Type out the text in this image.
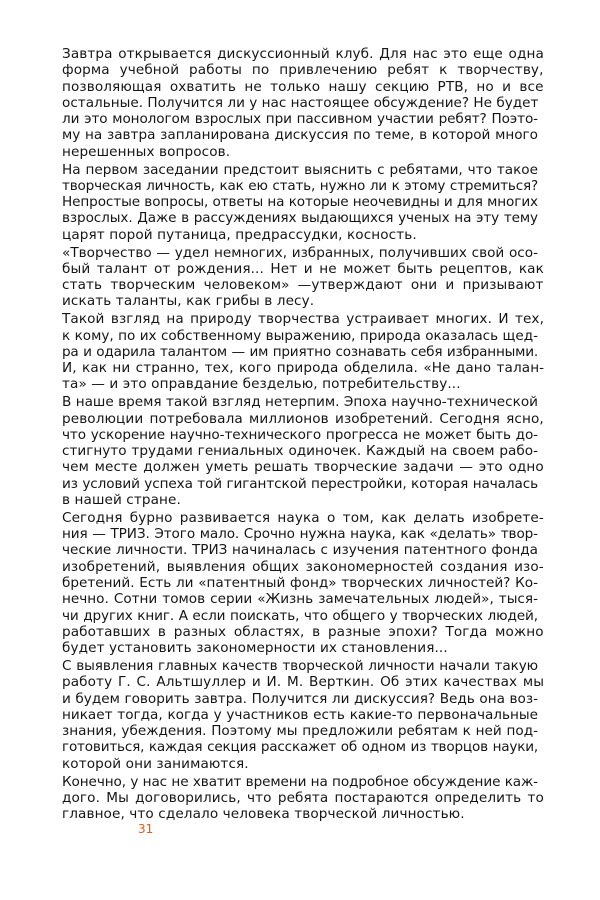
Завтра открывается дискуссионный клуб. Для нас это еще одна
форма учебной работы по привлечению ребят к творчеству,
позволяющая охватить не только нашу секцию РТВ, но и все
остальные. Получится ли у нас настоящее обсуждение? Не будет
ли это монологом взрослых при пассивном участии ребят? Поэто-
му на завтра запланирована дискуссия по теме, в которой много
нерешенных вопросов.
На первом заседании предстоит выяснить с ребятами, что такое
творческая личность, как ею стать, нужно ли к этому стремиться?
Непростые вопросы, ответы на которые неочевидны и для многих
взрослых. Даже в рассуждениях выдающихся ученых на эту тему
царят порой путаница, предрассудки, косность.
«Творчество — удел немногих, избранных, получивших свой осо-
бый талант от рождения... Нет и не может быть рецептов, как
стать творческим человеком» —утверждают они и призывают
искать таланты, как грибы в лесу.
Такой взгляд на природу творчества устраивает многих. И тех,
к кому, по их собственному выражению, природа оказалась щед-
ра и одарила талантом — им приятно сознавать себя избранными.
И, как ни странно, тех, кого природа обделила. «Не дано талан-
та» — и это оправдание безделью, потребительству...
В наше время такой взгляд нетерпим. Эпоха научно-технической
революции потребовала миллионов изобретений. Сегодня ясно,
что ускорение научно-технического прогресса не может быть до-
стигнуто трудами гениальных одиночек. Каждый на своем рабо-
чем месте должен уметь решать творческие задачи — это одно
из условий успеха той гигантской перестройки, которая началась
в нашей стране.
Сегодня бурно развивается наука о том, как делать изобрете-
ния — ТРИЗ. Этого мало. Срочно нужна наука, как «делать» твор-
ческие личности. ТРИЗ начиналась с изучения патентного фонда
изобретений, выявления общих закономерностей создания изо-
бретений. Есть ли «патентный фонд» творческих личностей? Ко-
нечно. Сотни томов серии «Жизнь замечательных людей», тыся-
чи других книг. А если поискать, что общего у творческих людей,
работавших в разных областях, в разные эпохи? Тогда можно
будет установить закономерности их становления...
С выявления главных качеств творческой личности начали такую
работу Г. С. Альтшуллер и И. М. Верткин. Об этих качествах мы
и будем говорить завтра. Получится ли дискуссия? Ведь она воз-
никает тогда, когда у участников есть какие-то первоначальные
знания, убеждения. Поэтому мы предложили ребятам к ней под-
готовиться, каждая секция расскажет об одном из творцов науки,
которой они занимаются.
Конечно, у нас не хватит времени на подробное обсуждение каж-
дого. Мы договорились, что ребята постараются определить то
главное, что сделало человека творческой личностью.
31
